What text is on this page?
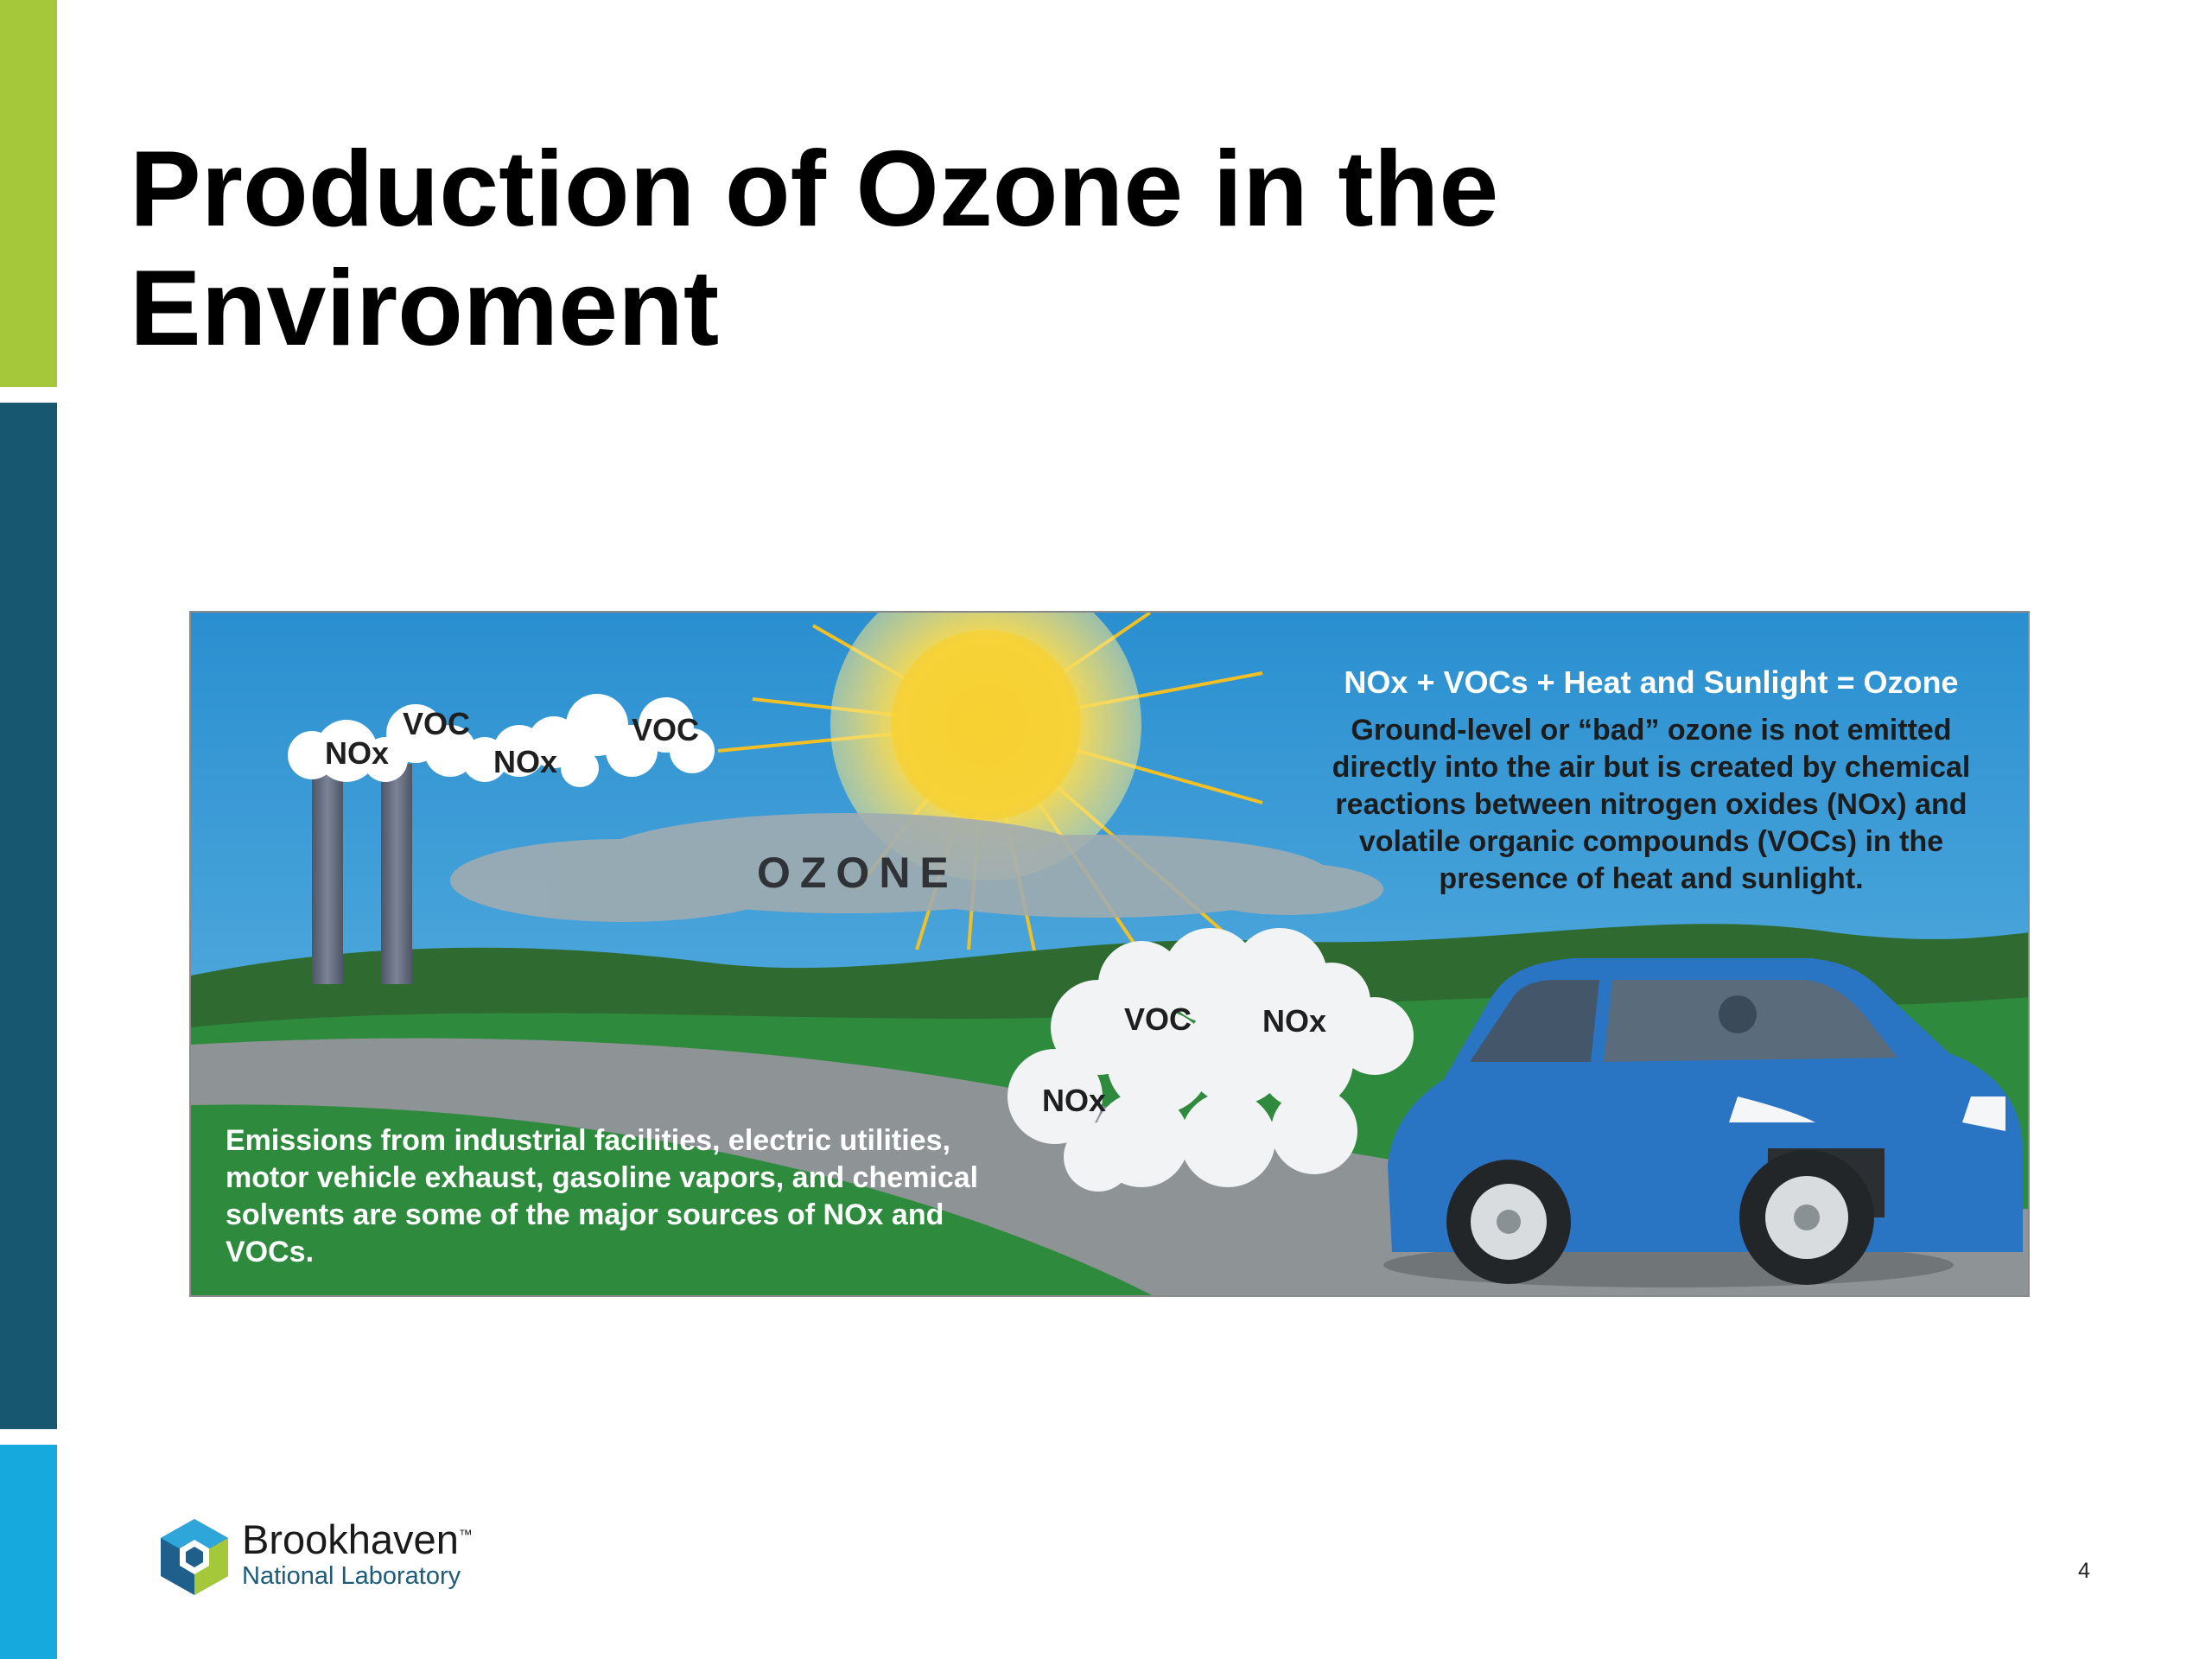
Production of Ozone in the
Enviroment
NOx
VOC
NOx
VOC
OZONE
VOC NOx
NOx
NOx + VOCs + Heat and Sunlight = Ozone
Ground-level or “bad” ozone is not emitted directly into the air but is created by chemical reactions between nitrogen oxides (NOx) and volatile organic compounds (VOCs) in the presence of heat and sunlight.
Emissions from industrial facilities, electric utilities, motor vehicle exhaust, gasoline vapors, and chemical solvents are some of the major sources of NOx and VOCs.
Brookhaven™
National Laboratory	4
